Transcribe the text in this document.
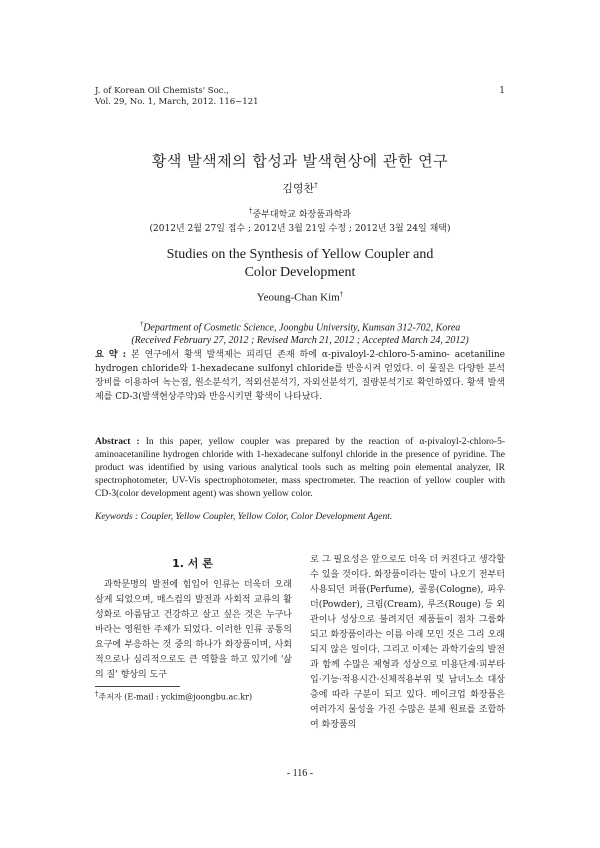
J. of Korean Oil Chemists' Soc.,
Vol. 29, No. 1, March, 2012. 116~121
1
황색 발색제의 합성과 발색현상에 관한 연구
김영찬†
†중부대학교 화장품과학과
(2012년 2월 27일 접수 ; 2012년 3월 21일 수정 ; 2012년 3월 24일 채택)
Studies on the Synthesis of Yellow Coupler and
Color Development
Yeoung-Chan Kim†
†Department of Cosmetic Science, Joongbu University, Kumsan 312-702, Korea
(Received February 27, 2012 ; Revised March 21, 2012 ; Accepted March 24, 2012)
요 약 : 본 연구에서 황색 발색제는 피리딘 존재 하에 α-pivaloyl-2-chloro-5-amino- acetaniline hydrogen chloride와 1-hexadecane sulfonyl chloride를 반응시켜 얻었다. 이 물질은 다양한 분석장비를 이용하여 녹는점, 원소분석기, 적외선분석기, 자외선분석기, 질량분석기로 확인하였다. 황색 발색제를 CD-3(발색현상주약)와 반응시키면 황색이 나타났다.
Abstract : In this paper, yellow coupler was prepared by the reaction of α-pivaloyl-2-chloro-5-aminoacetaniline hydrogen chloride with 1-hexadecane sulfonyl chloride in the presence of pyridine. The product was identified by using various analytical tools such as melting poin elemental analyzer, IR spectrophotometer, UV-Vis spectrophotometer, mass spectrometer. The reaction of yellow coupler with CD-3(color development agent) was shown yellow color.
Keywords : Coupler, Yellow Coupler, Yellow Color, Color Development Agent.
1. 서 론
과학문명의 발전에 힘입어 인류는 더욱더 오래 살게 되었으며, 매스컴의 발전과 사회적 교류의 활성화로 아름답고 건강하고 살고 싶은 것은 누구나 바라는 영원한 주제가 되었다. 이러한 인류 공통의 요구에 부응하는 것 중의 하나가 화장품이며, 사회적으로나 심리적으로도 큰 역할을 하고 있기에 '삶의 질' 향상의 도구
로 그 필요성은 앞으로도 더욱 더 커진다고 생각할 수 있을 것이다. 화장품이라는 말이 나오기 전부터 사용되던 퍼퓸(Perfume), 콜롱(Cologne), 파우더(Powder), 크림(Cream), 루즈(Rouge) 등 외관이나 성상으로 불려지던 제품들이 점차 그룹화되고 화장품이라는 이름 아래 모인 것은 그리 오래되지 않은 일이다. 그리고 이제는 과학기술의 발전과 함께 수많은 제형과 성상으로 미용단계·피부타입·기능·적용시간·신체적용부위 및 남녀노소 대상층에 따라 구분이 되고 있다. 메이크업 화장품은 여러가지 물성을 가진 수많은 분체 원료를 조합하여 화장품의
†주저자 (E-mail : yckim@joongbu.ac.kr)
- 116 -
